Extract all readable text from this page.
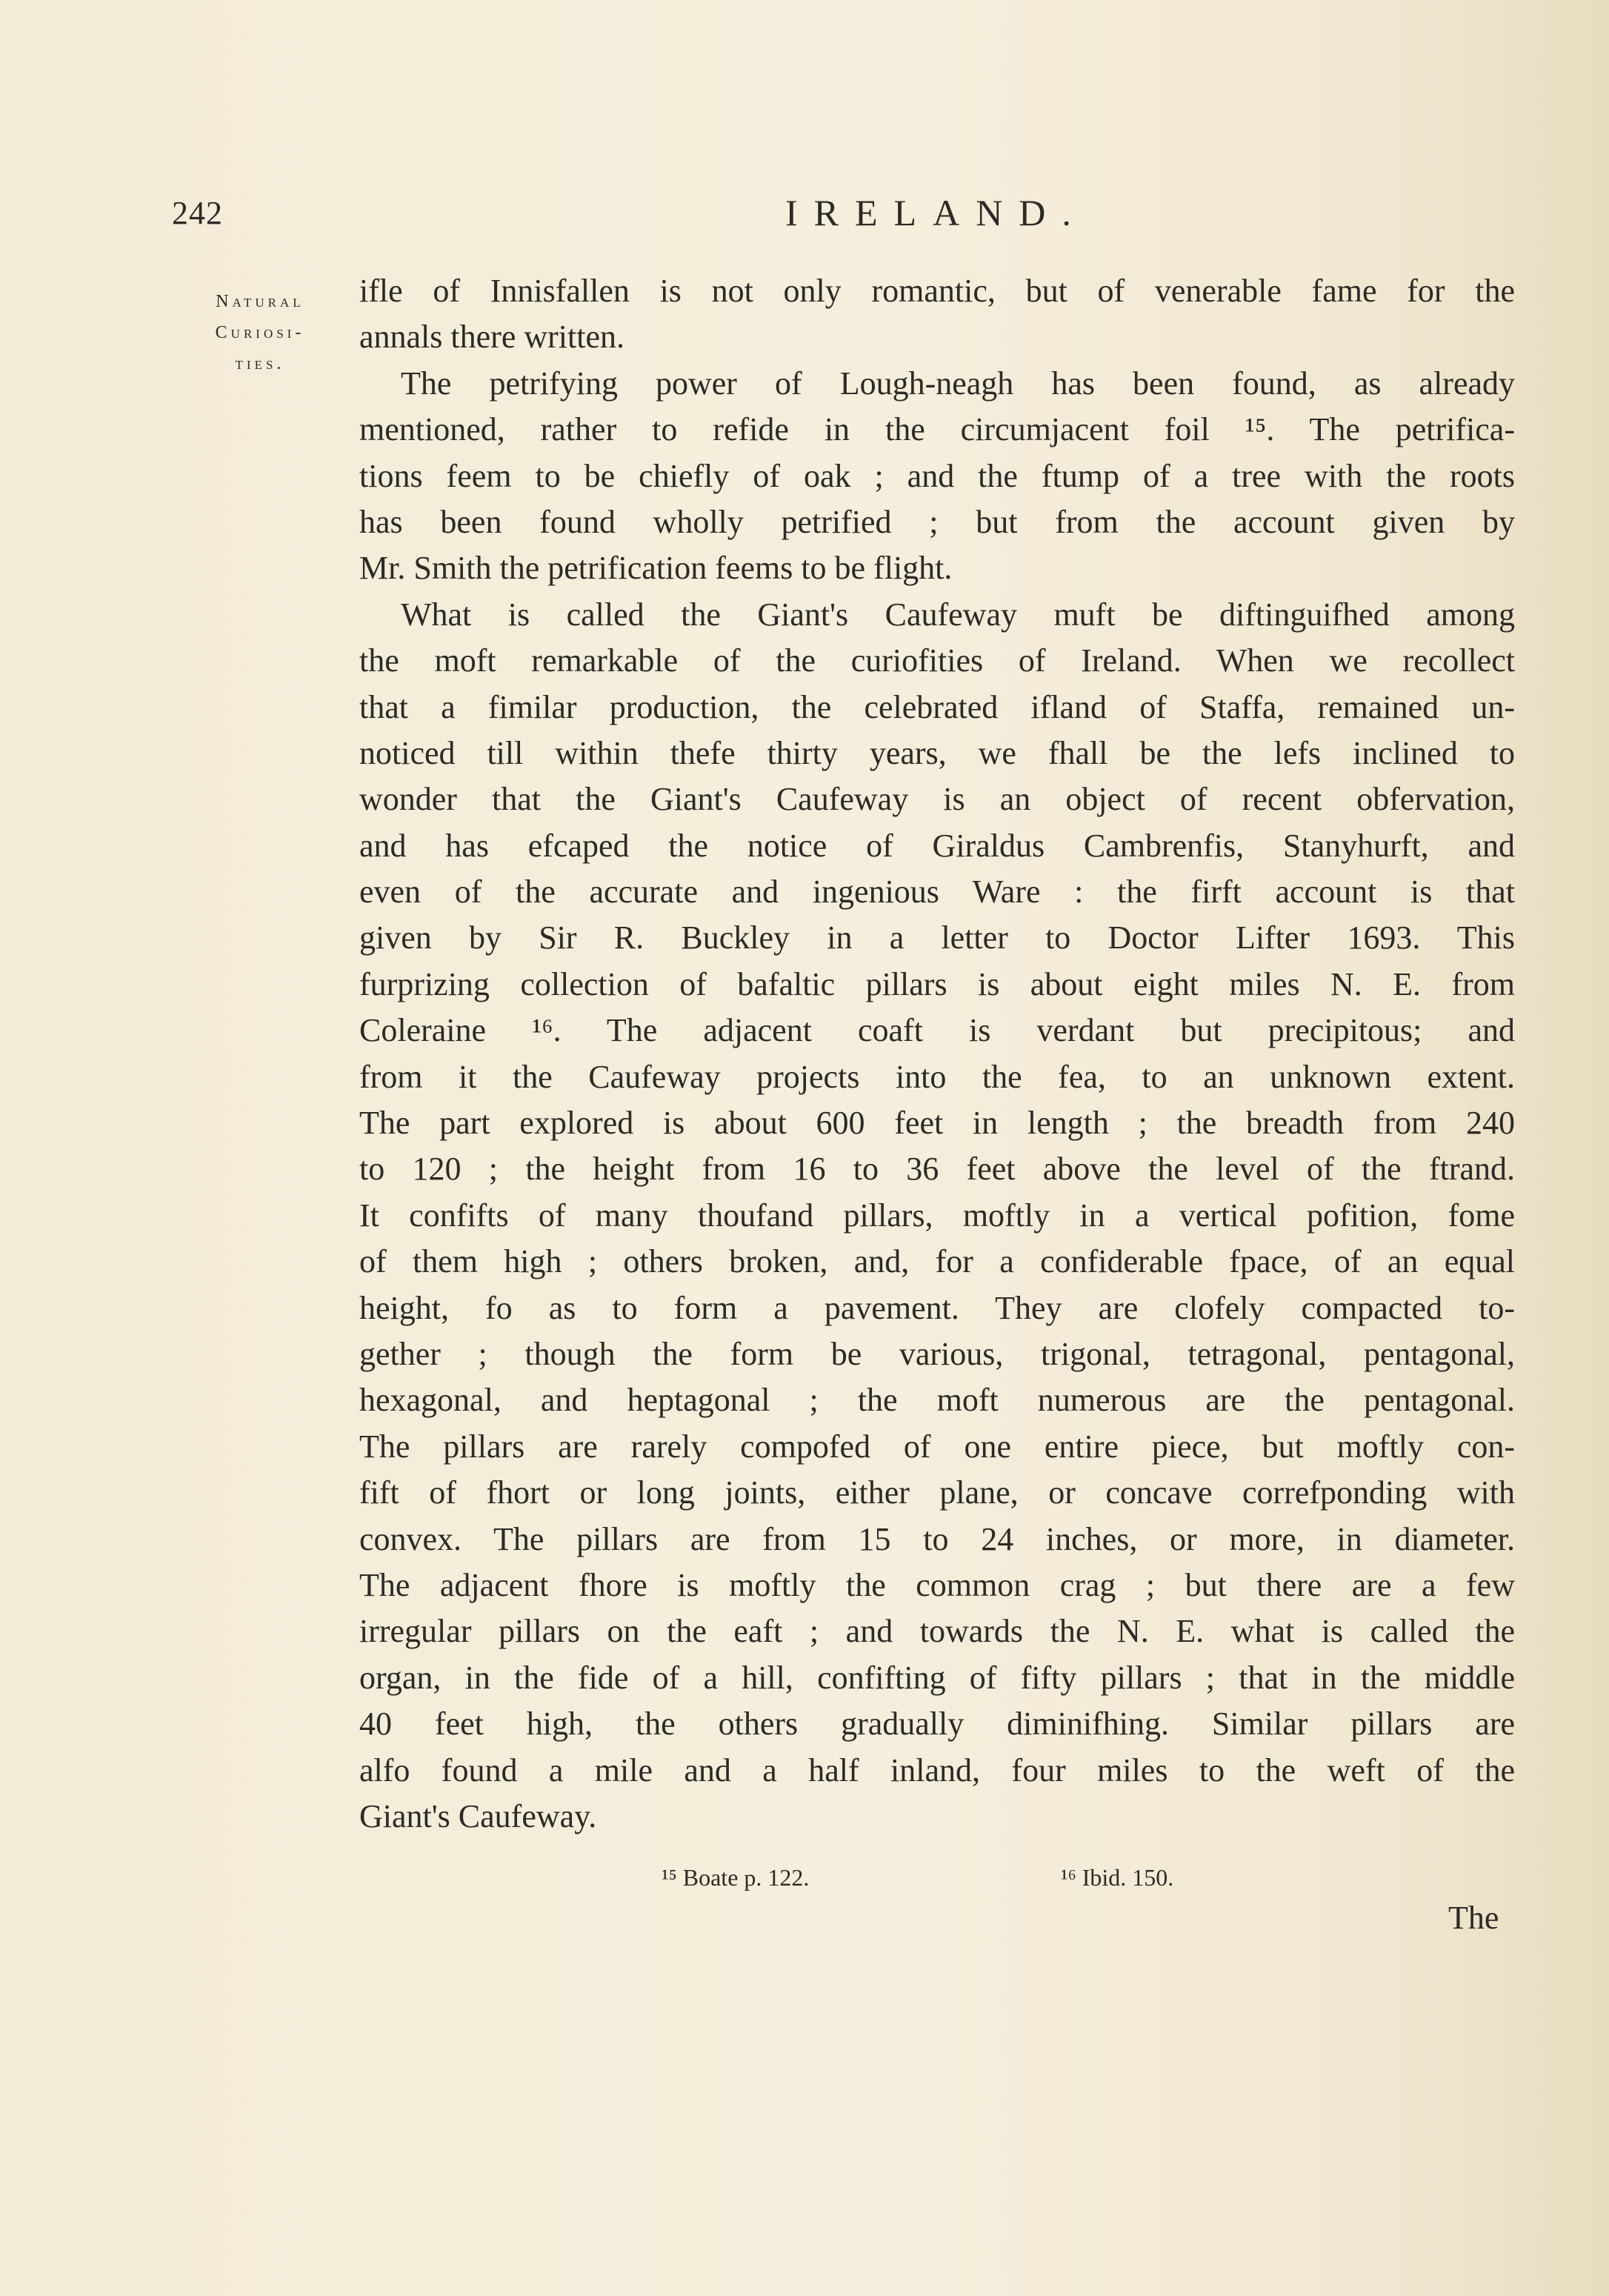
242	IRELAND.
Natural
Curiosi-
ties.
ifle of Innisfallen is not only romantic, but of venerable fame for the
annals there written.
The petrifying power of Lough-neagh has been found, as already
mentioned, rather to refide in the circumjacent foil ¹⁵. The petrifica-
tions feem to be chiefly of oak ; and the ftump of a tree with the roots
has been found wholly petrified ; but from the account given by
Mr. Smith the petrification feems to be flight.
What is called the Giant's Caufeway muft be diftinguifhed among
the moft remarkable of the curiofities of Ireland. When we recollect
that a fimilar production, the celebrated ifland of Staffa, remained un-
noticed till within thefe thirty years, we fhall be the lefs inclined to
wonder that the Giant's Caufeway is an object of recent obfervation,
and has efcaped the notice of Giraldus Cambrenfis, Stanyhurft, and
even of the accurate and ingenious Ware : the firft account is that
given by Sir R. Buckley in a letter to Doctor Lifter 1693. This
furprizing collection of bafaltic pillars is about eight miles N. E. from
Coleraine ¹⁶. The adjacent coaft is verdant but precipitous; and
from it the Caufeway projects into the fea, to an unknown extent.
The part explored is about 600 feet in length ; the breadth from 240
to 120 ; the height from 16 to 36 feet above the level of the ftrand.
It confifts of many thoufand pillars, moftly in a vertical pofition, fome
of them high ; others broken, and, for a confiderable fpace, of an equal
height, fo as to form a pavement. They are clofely compacted to-
gether ; though the form be various, trigonal, tetragonal, pentagonal,
hexagonal, and heptagonal ; the moft numerous are the pentagonal.
The pillars are rarely compofed of one entire piece, but moftly con-
fift of fhort or long joints, either plane, or concave correfponding with
convex. The pillars are from 15 to 24 inches, or more, in diameter.
The adjacent fhore is moftly the common crag ; but there are a few
irregular pillars on the eaft ; and towards the N. E. what is called the
organ, in the fide of a hill, confifting of fifty pillars ; that in the middle
40 feet high, the others gradually diminifhing. Similar pillars are
alfo found a mile and a half inland, four miles to the weft of the
Giant's Caufeway.
¹⁵ Boate p. 122.	¹⁶ Ibid. 150.
The
